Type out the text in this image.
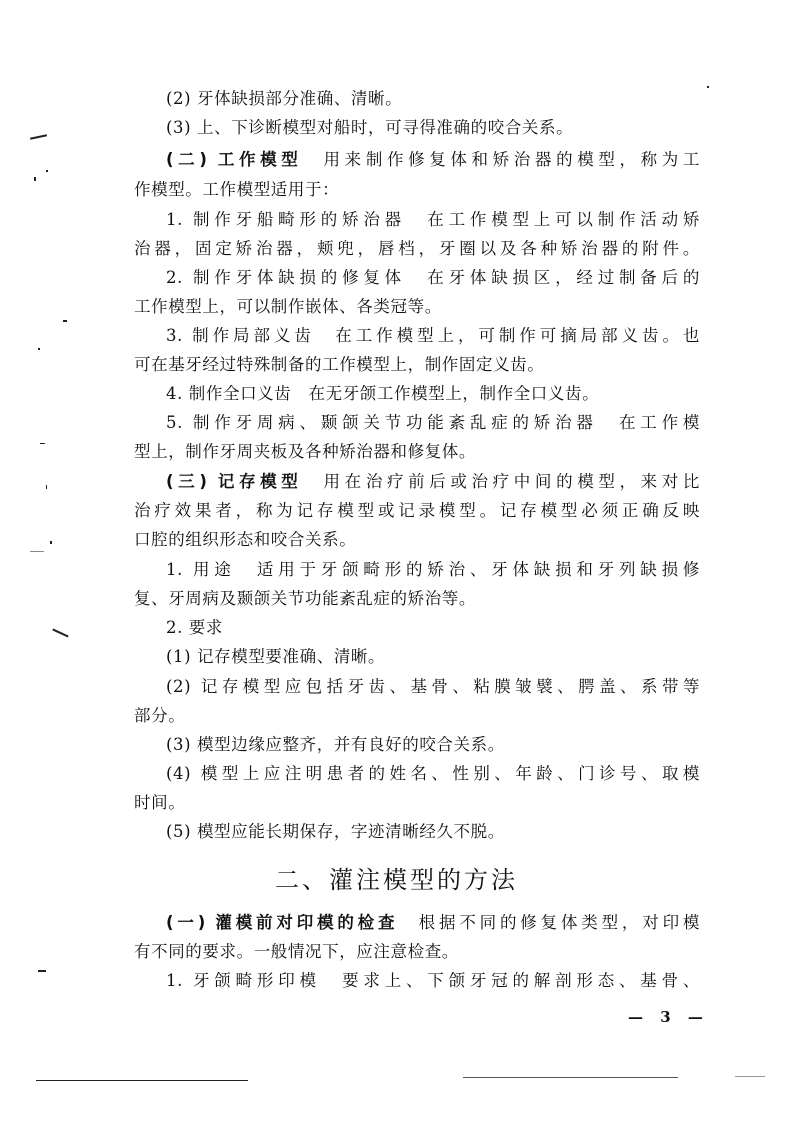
(2) 牙体缺损部分准确、清晰。
(3) 上、下诊断模型对船时，可寻得准确的咬合关系。
(二) 工作模型　用来制作修复体和矫治器的模型，称为工
作模型。工作模型适用于：
1. 制作牙船畸形的矫治器　在工作模型上可以制作活动矫
治器，固定矫治器，颊兜，唇档，牙圈以及各种矫治器的附件。
2. 制作牙体缺损的修复体　在牙体缺损区，经过制备后的
工作模型上，可以制作嵌体、各类冠等。
3. 制作局部义齿　在工作模型上，可制作可摘局部义齿。也
可在基牙经过特殊制备的工作模型上，制作固定义齿。
4. 制作全口义齿　在无牙颌工作模型上，制作全口义齿。
5. 制作牙周病、颞颌关节功能紊乱症的矫治器　在工作模
型上，制作牙周夹板及各种矫治器和修复体。
(三) 记存模型　用在治疗前后或治疗中间的模型，来对比
治疗效果者，称为记存模型或记录模型。记存模型必须正确反映
口腔的组织形态和咬合关系。
1. 用途　适用于牙颌畸形的矫治、牙体缺损和牙列缺损修
复、牙周病及颞颌关节功能紊乱症的矫治等。
2. 要求
(1) 记存模型要准确、清晰。
(2) 记存模型应包括牙齿、基骨、粘膜皱襞、腭盖、系带等
部分。
(3) 模型边缘应整齐，并有良好的咬合关系。
(4) 模型上应注明患者的姓名、性别、年龄、门诊号、取模
时间。
(5) 模型应能长期保存，字迹清晰经久不脱。
二、灌注模型的方法
(一) 灌模前对印模的检查　根据不同的修复体类型，对印模
有不同的要求。一般情况下，应注意检查。
1. 牙颌畸形印模　要求上、下颌牙冠的解剖形态、基骨、
— 3 —
